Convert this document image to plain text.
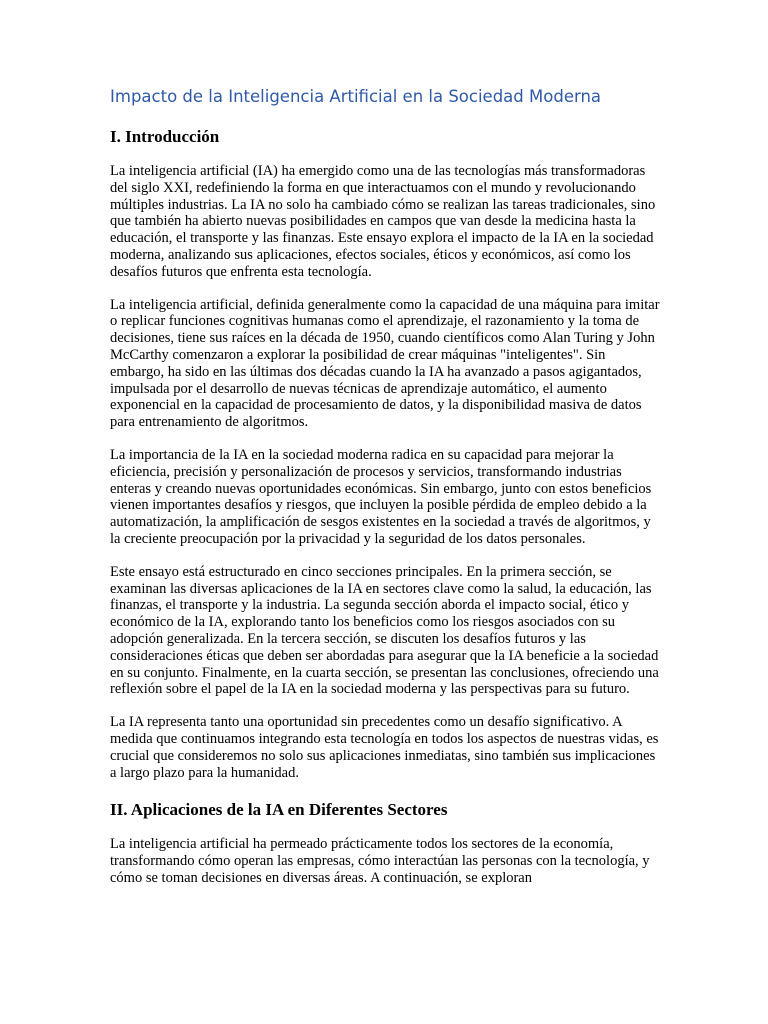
Impacto de la Inteligencia Artificial en la Sociedad Moderna
I. Introducción

La inteligencia artificial (IA) ha emergido como una de las tecnologías más transformadoras del siglo XXI, redefiniendo la forma en que interactuamos con el mundo y revolucionando múltiples industrias. La IA no solo ha cambiado cómo se realizan las tareas tradicionales, sino que también ha abierto nuevas posibilidades en campos que van desde la medicina hasta la educación, el transporte y las finanzas. Este ensayo explora el impacto de la IA en la sociedad moderna, analizando sus aplicaciones, efectos sociales, éticos y económicos, así como los desafíos futuros que enfrenta esta tecnología.

La inteligencia artificial, definida generalmente como la capacidad de una máquina para imitar o replicar funciones cognitivas humanas como el aprendizaje, el razonamiento y la toma de decisiones, tiene sus raíces en la década de 1950, cuando científicos como Alan Turing y John McCarthy comenzaron a explorar la posibilidad de crear máquinas "inteligentes". Sin embargo, ha sido en las últimas dos décadas cuando la IA ha avanzado a pasos agigantados, impulsada por el desarrollo de nuevas técnicas de aprendizaje automático, el aumento exponencial en la capacidad de procesamiento de datos, y la disponibilidad masiva de datos para entrenamiento de algoritmos.

La importancia de la IA en la sociedad moderna radica en su capacidad para mejorar la eficiencia, precisión y personalización de procesos y servicios, transformando industrias enteras y creando nuevas oportunidades económicas. Sin embargo, junto con estos beneficios vienen importantes desafíos y riesgos, que incluyen la posible pérdida de empleo debido a la automatización, la amplificación de sesgos existentes en la sociedad a través de algoritmos, y la creciente preocupación por la privacidad y la seguridad de los datos personales.

Este ensayo está estructurado en cinco secciones principales. En la primera sección, se examinan las diversas aplicaciones de la IA en sectores clave como la salud, la educación, las finanzas, el transporte y la industria. La segunda sección aborda el impacto social, ético y económico de la IA, explorando tanto los beneficios como los riesgos asociados con su adopción generalizada. En la tercera sección, se discuten los desafíos futuros y las consideraciones éticas que deben ser abordadas para asegurar que la IA beneficie a la sociedad en su conjunto. Finalmente, en la cuarta sección, se presentan las conclusiones, ofreciendo una reflexión sobre el papel de la IA en la sociedad moderna y las perspectivas para su futuro.

La IA representa tanto una oportunidad sin precedentes como un desafío significativo. A medida que continuamos integrando esta tecnología en todos los aspectos de nuestras vidas, es crucial que consideremos no solo sus aplicaciones inmediatas, sino también sus implicaciones a largo plazo para la humanidad.

II. Aplicaciones de la IA en Diferentes Sectores

La inteligencia artificial ha permeado prácticamente todos los sectores de la economía, transformando cómo operan las empresas, cómo interactúan las personas con la tecnología, y cómo se toman decisiones en diversas áreas. A continuación, se exploran
